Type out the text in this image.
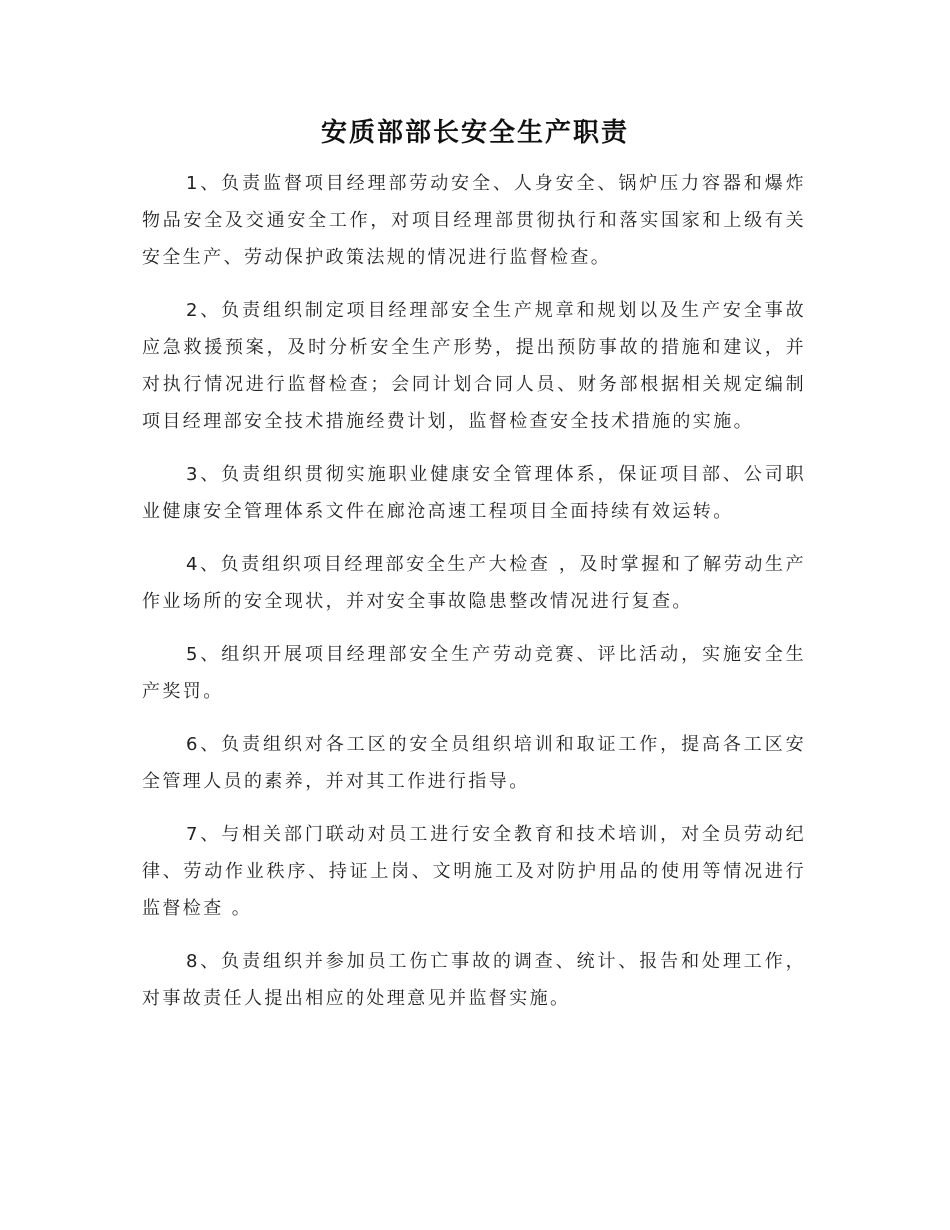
安质部部长安全生产职责

1、负责监督项目经理部劳动安全、人身安全、锅炉压力容器和爆炸物品安全及交通安全工作，对项目经理部贯彻执行和落实国家和上级有关安全生产、劳动保护政策法规的情况进行监督检查。

2、负责组织制定项目经理部安全生产规章和规划以及生产安全事故应急救援预案，及时分析安全生产形势，提出预防事故的措施和建议，并对执行情况进行监督检查；会同计划合同人员、财务部根据相关规定编制项目经理部安全技术措施经费计划，监督检查安全技术措施的实施。

3、负责组织贯彻实施职业健康安全管理体系，保证项目部、公司职业健康安全管理体系文件在廊沧高速工程项目全面持续有效运转。

4、负责组织项目经理部安全生产大检查 ，及时掌握和了解劳动生产作业场所的安全现状，并对安全事故隐患整改情况进行复查。

5、组织开展项目经理部安全生产劳动竞赛、评比活动，实施安全生产奖罚。

6、负责组织对各工区的安全员组织培训和取证工作，提高各工区安全管理人员的素养，并对其工作进行指导。

7、与相关部门联动对员工进行安全教育和技术培训，对全员劳动纪律、劳动作业秩序、持证上岗、文明施工及对防护用品的使用等情况进行监督检查 。

8、负责组织并参加员工伤亡事故的调查、统计、报告和处理工作，对事故责任人提出相应的处理意见并监督实施。
